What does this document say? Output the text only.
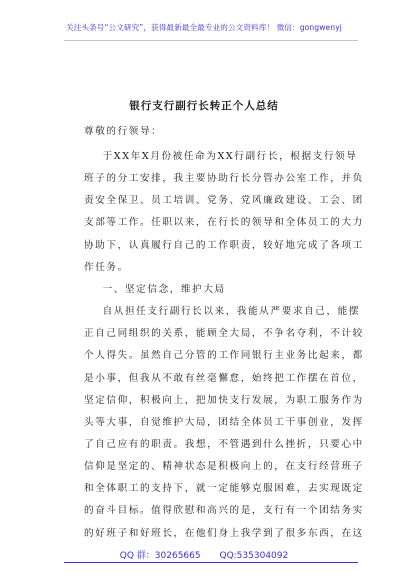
关注头条号“公文研究”，获得最新最全最专业的公文资料库！ 微信：gongwenyj
银行支行副行长转正个人总结
尊敬的行领导：
于XX年X月份被任命为XX行副行长，根据支行领导
班子的分工安排，我主要协助行长分管办公室工作，并负
责安全保卫、员工培训、党务、党风廉政建设、工会、团
支部等工作。任职以来，在行长的领导和全体员工的大力
协助下，认真履行自己的工作职责，较好地完成了各项工
作任务。
一、坚定信念，维护大局
自从担任支行副行长以来，我能从严要求自己，能摆
正自己同组织的关系，能顾全大局，不争名夺利，不计较
个人得失。虽然自己分管的工作同银行主业务比起来，都
是小事，但我从不敢有丝毫懈怠，始终把工作摆在首位，
坚定信仰，积极向上，把加快支行发展，为职工服务作为
头等大事，自觉维护大局，团结全体员工干事创业，发挥
了自己应有的职责。我想，不管遇到什么挫折，只要心中
信仰是坚定的、精神状态是积极向上的，在支行经营班子
和全体职工的支持下，就一定能够克服困难，去实现既定
的奋斗目标。值得欣慰和高兴的是，支行有一个团结务实
的好班子和好班长，在他们身上我学到了很多东西，在这
QQ 群：30265665 QQ:535304092
